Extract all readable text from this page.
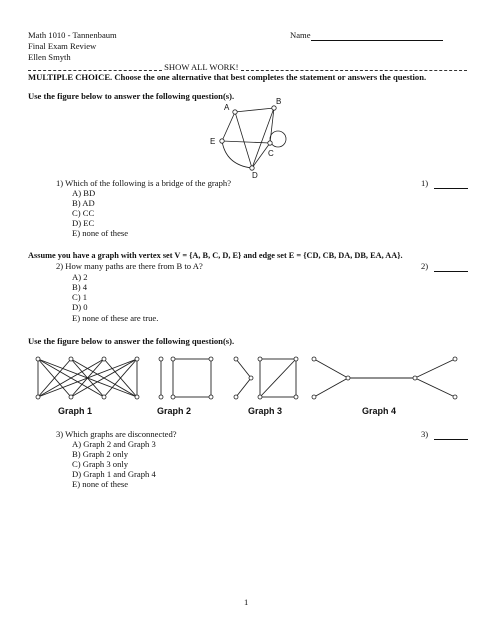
Math 1010 - Tannenbaum	Name
Final Exam Review
Ellen Smyth
SHOW ALL WORK!
MULTIPLE CHOICE. Choose the one alternative that best completes the statement or answers the question.
Use the figure below to answer the following question(s).
A
B
E
C
D
1) Which of the following is a bridge of the graph?	1)
A) BD
B) AD
C) CC
D) EC
E) none of these
Assume you have a graph with vertex set V = {A, B, C, D, E} and edge set E = {CD, CB, DA, DB, EA, AA}.
2) How many paths are there from B to A?	2)
A) 2
B) 4
C) 1
D) 0
E) none of these are true.
Use the figure below to answer the following question(s).
Graph 1	Graph 2	Graph 3	Graph 4
3) Which graphs are disconnected?	3)
A) Graph 2 and Graph 3
B) Graph 2 only
C) Graph 3 only
D) Graph 1 and Graph 4
E) none of these
1
